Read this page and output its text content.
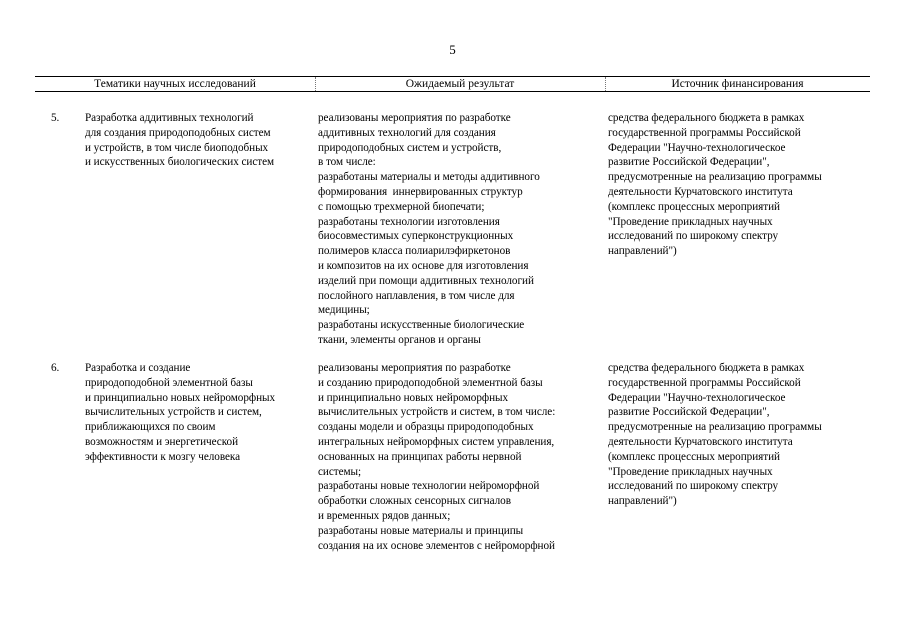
5
Тематики научных исследований	Ожидаемый результат	Источник финансирования
5. Разработка аддитивных технологий
для создания природоподобных систем
и устройств, в том числе биоподобных
и искусственных биологических систем
реализованы мероприятия по разработке
аддитивных технологий для создания
природоподобных систем и устройств,
в том числе:
разработаны материалы и методы аддитивного
формирования  иннервированных структур
с помощью трехмерной биопечати;
разработаны технологии изготовления
биосовместимых суперконструкционных
полимеров класса полиарилэфиркетонов
и композитов на их основе для изготовления
изделий при помощи аддитивных технологий
послойного наплавления, в том числе для
медицины;
разработаны искусственные биологические
ткани, элементы органов и органы
средства федерального бюджета в рамках
государственной программы Российской
Федерации "Научно-технологическое
развитие Российской Федерации",
предусмотренные на реализацию программы
деятельности Курчатовского института
(комплекс процессных мероприятий
"Проведение прикладных научных
исследований по широкому спектру
направлений")
6. Разработка и создание
природоподобной элементной базы
и принципиально новых нейроморфных
вычислительных устройств и систем,
приближающихся по своим
возможностям и энергетической
эффективности к мозгу человека
реализованы мероприятия по разработке
и созданию природоподобной элементной базы
и принципиально новых нейроморфных
вычислительных устройств и систем, в том числе:
созданы модели и образцы природоподобных
интегральных нейроморфных систем управления,
основанных на принципах работы нервной
системы;
разработаны новые технологии нейроморфной
обработки сложных сенсорных сигналов
и временных рядов данных;
разработаны новые материалы и принципы
создания на их основе элементов с нейроморфной
средства федерального бюджета в рамках
государственной программы Российской
Федерации "Научно-технологическое
развитие Российской Федерации",
предусмотренные на реализацию программы
деятельности Курчатовского института
(комплекс процессных мероприятий
"Проведение прикладных научных
исследований по широкому спектру
направлений")
